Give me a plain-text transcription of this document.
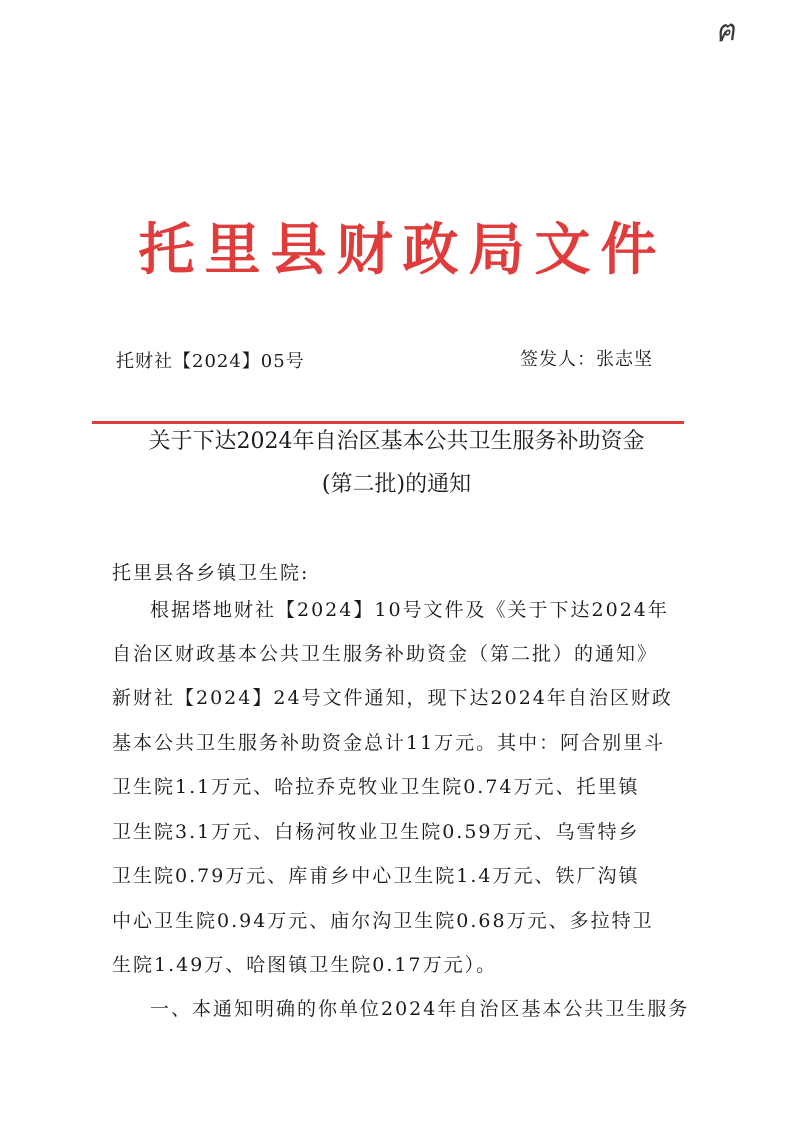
ฅ
托里县财政局文件
托财社【2024】05号	签发人：张志坚
关于下达2024年自治区基本公共卫生服务补助资金
(第二批)的通知
托里县各乡镇卫生院:
根据塔地财社【2024】10号文件及《关于下达2024年
自治区财政基本公共卫生服务补助资金（第二批）的通知》
新财社【2024】24号文件通知，现下达2024年自治区财政
基本公共卫生服务补助资金总计11万元。其中：阿合别里斗
卫生院1.1万元、哈拉乔克牧业卫生院0.74万元、托里镇
卫生院3.1万元、白杨河牧业卫生院0.59万元、乌雪特乡
卫生院0.79万元、库甫乡中心卫生院1.4万元、铁厂沟镇
中心卫生院0.94万元、庙尔沟卫生院0.68万元、多拉特卫
生院1.49万、哈图镇卫生院0.17万元）。
一、本通知明确的你单位2024年自治区基本公共卫生服务
